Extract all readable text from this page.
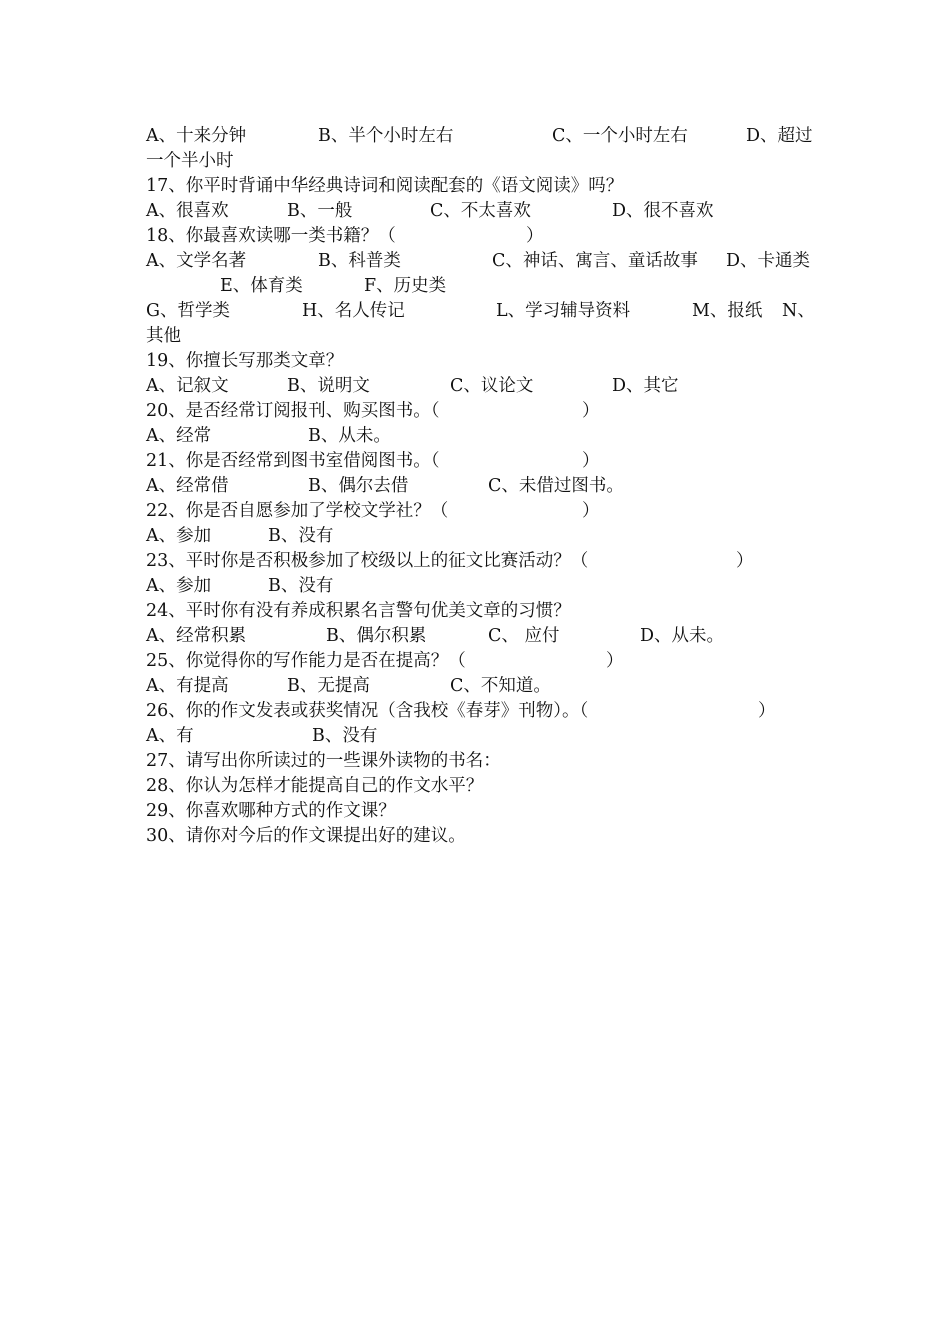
A、十来分钟	B、半个小时左右	C、一个小时左右	D、超过
一个半小时
17、你平时背诵中华经典诗词和阅读配套的《语文阅读》吗？
A、很喜欢	B、一般	C、不太喜欢	D、很不喜欢
18、你最喜欢读哪一类书籍？（	）
A、文学名著	B、科普类	C、神话、寓言、童话故事 D、卡通类
E、体育类	F、历史类
G、哲学类	H、名人传记	L、学习辅导资料	M、报纸 N、
其他
19、你擅长写那类文章？
A、记叙文	B、说明文	C、议论文	D、其它
20、是否经常订阅报刊、购买图书。（	）
A、经常	B、从未。
21、你是否经常到图书室借阅图书。（	）
A、经常借	B、偶尔去借	C、未借过图书。
22、你是否自愿参加了学校文学社？（	）
A、参加	B、没有
23、平时你是否积极参加了校级以上的征文比赛活动？（	）
A、参加	B、没有
24、平时你有没有养成积累名言警句优美文章的习惯？
A、经常积累	B、偶尔积累	C、 应付	D、从未。
25、你觉得你的写作能力是否在提高？（	）
A、有提高	B、无提高	C、不知道。
26、你的作文发表或获奖情况（含我校《春芽》刊物）。（	）
A、有	B、没有
27、请写出你所读过的一些课外读物的书名：
28、你认为怎样才能提高自己的作文水平？
29、你喜欢哪种方式的作文课？
30、请你对今后的作文课提出好的建议。
